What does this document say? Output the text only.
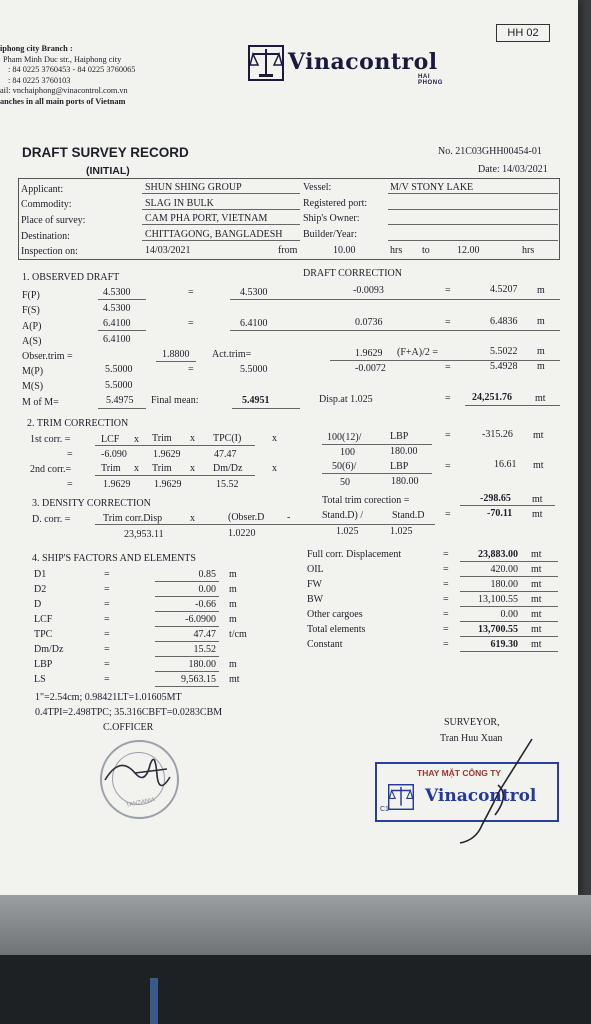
HH 02
iphong city Branch :
Pham Minh Duc str., Haiphong city
: 84 0225 3760453 - 84 0225 3760065
: 84 0225 3760103
ail: vnchaiphong@vinacontrol.com.vn
anches in all main ports of Vietnam
Vinacontrol
HAI PHONG
DRAFT SURVEY RECORD
(INITIAL)
No. 21C03GHH00454-01
Date: 14/03/2021
Applicant:	SHUN SHING GROUP
Commodity:	SLAG IN BULK
Place of survey:	CAM PHA PORT, VIETNAM
Destination:	CHITTAGONG, BANGLADESH
Inspection on:	14/03/2021	from	10.00	hrs to	12.00	hrs
Vessel:	M/V STONY LAKE
Registered port:
Ship's Owner:
Builder/Year:
1. OBSERVED DRAFT	DRAFT CORRECTION
F(P)	4.5300	=	4.5300	-0.0093	=	4.5207 m
F(S)	4.5300
A(P)	6.4100	=	6.4100	0.0736	=	6.4836 m
A(S)	6.4100
Obser.trim =	1.8800 Act.trim=	1.9629 (F+A)/2 =	5.5022 m
M(P)	5.5000	=	5.5000	-0.0072	=	5.4928 m
M(S)	5.5000
M of M=	5.4975 Final mean:	5.4951	Disp.at 1.025	= 24,251.76 mt
2. TRIM CORRECTION
1st corr. =	LCF x Trim x TPC(I)	x	100(12)/	LBP	=	-315.26 mt
=	-6.090	1.9629	47.47	100	180.00
2nd corr.=	Trim x Trim x Dm/Dz	x	50(6)/	LBP	=	16.61 mt
=	1.9629 1.9629	15.52	50	180.00
3. DENSITY CORRECTION	Total trim corection =	-298.65 mt
D. corr. =	Trim corr.Disp	x	(Obser.D -	Stand.D) /	Stand.D =	-70.11 mt
23,953.11	1.0220	1.025	1.025
4. SHIP'S FACTORS AND ELEMENTS
D1	=	0.85 m
D2	=	0.00 m
D	=	-0.66 m
LCF	=	-6.0900 m
TPC	=	47.47 t/cm
Dm/Dz	=	15.52
LBP	=	180.00 m
LS	=	9,563.15 mt
Full corr. Displacement	=	23,883.00 mt
OIL	=	420.00 mt
FW	=	180.00 mt
BW	=	13,100.55 mt
Other cargoes	=	0.00 mt
Total elements	=	13,700.55 mt
Constant	=	619.30 mt
1"=2.54cm; 0.98421LT=1.01605MT
0.4TPI=2.498TPC; 35.316CBFT=0.0283CBM
C.OFFICER	SURVEYOR,
Tran Huu Xuan
TANZANIA
THAY MẶT CÔNG TY
Vinacontrol
C1
